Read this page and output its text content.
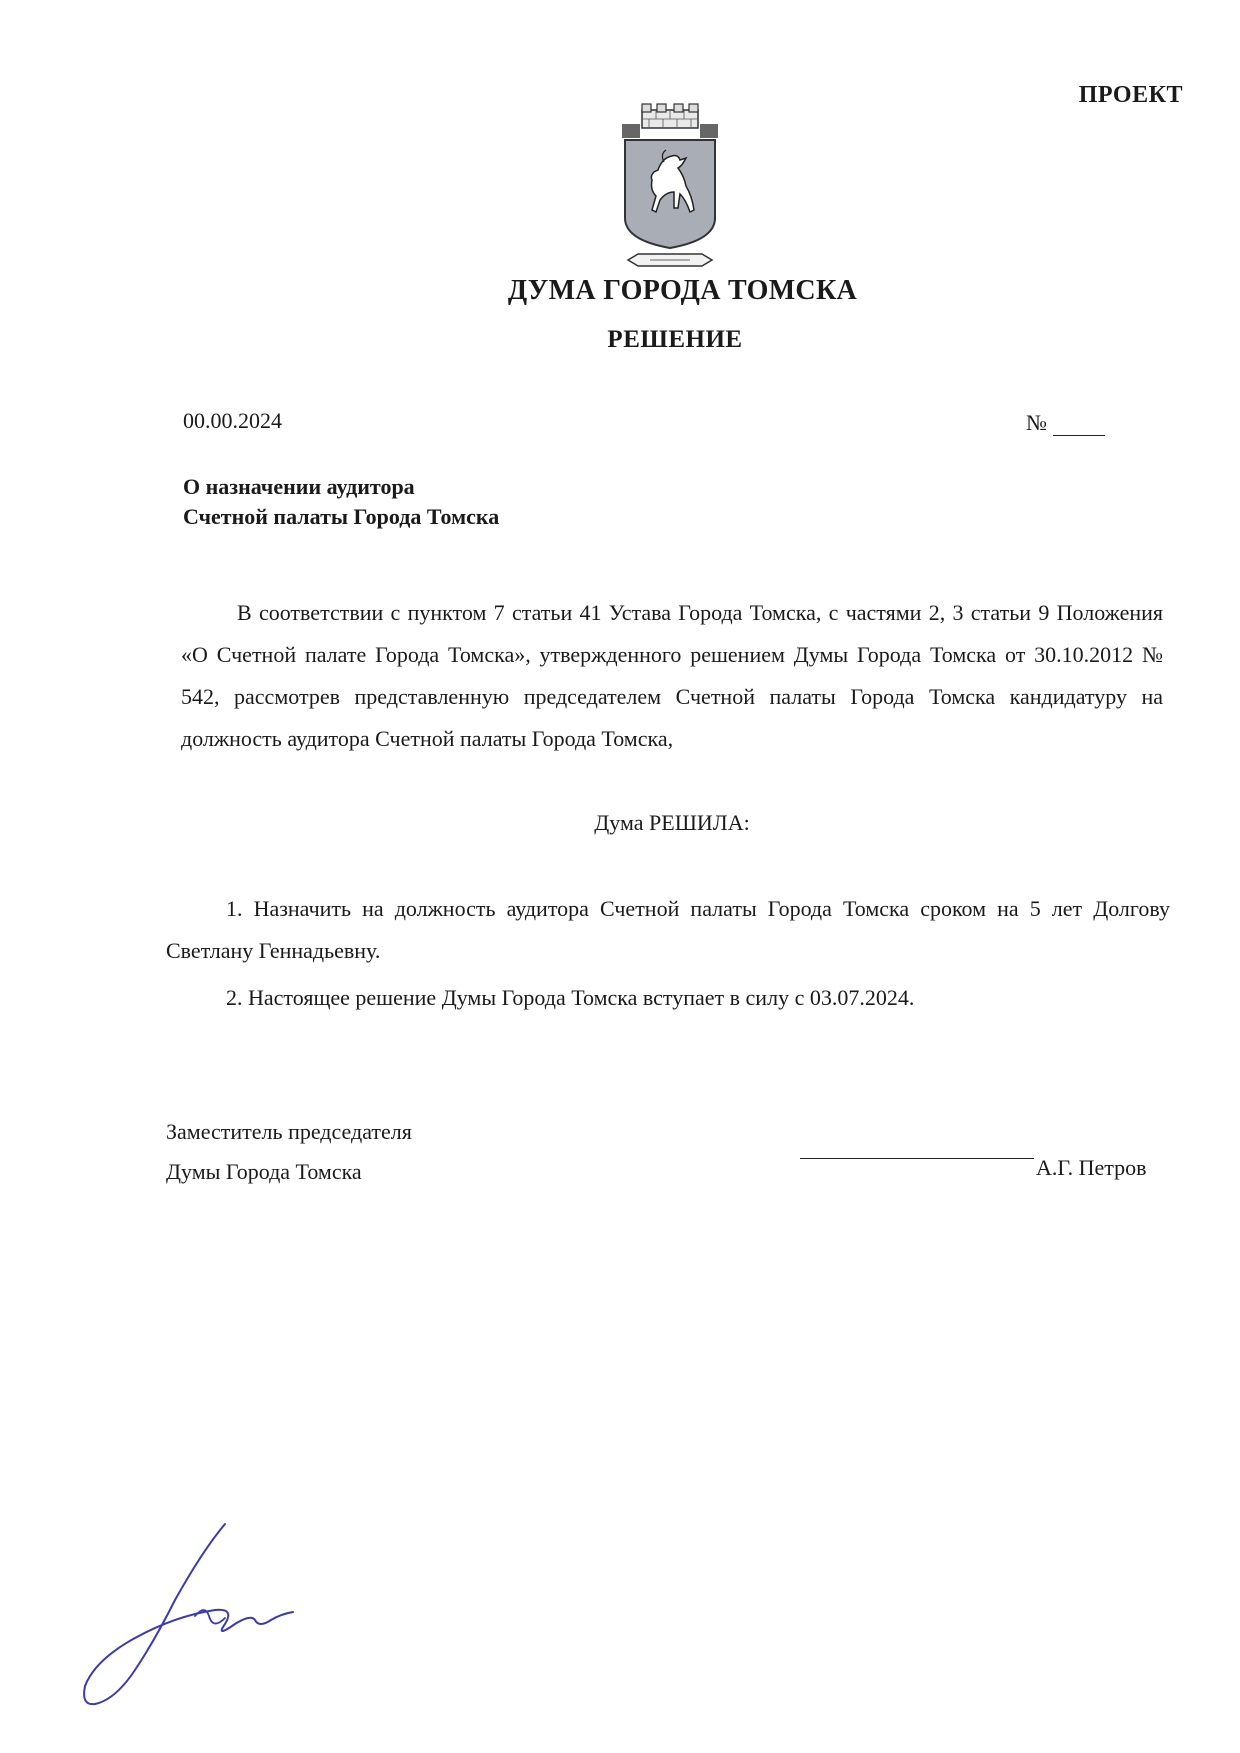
ПРОЕКТ
ДУМА ГОРОДА ТОМСКА
РЕШЕНИЕ
00.00.2024	№
О назначении аудитора
Счетной палаты Города Томска
В соответствии с пунктом 7 статьи 41 Устава Города Томска, с частями 2, 3 статьи 9 Положения «О Счетной палате Города Томска», утвержденного решением Думы Города Томска от 30.10.2012 № 542, рассмотрев представленную председателем Счетной палаты Города Томска кандидатуру на должность аудитора Счетной палаты Города Томска,
Дума РЕШИЛА:
1. Назначить на должность аудитора Счетной палаты Города Томска сроком на 5 лет Долгову Светлану Геннадьевну.
2. Настоящее решение Думы Города Томска вступает в силу с 03.07.2024.
Заместитель председателя
Думы Города Томска	А.Г. Петров
